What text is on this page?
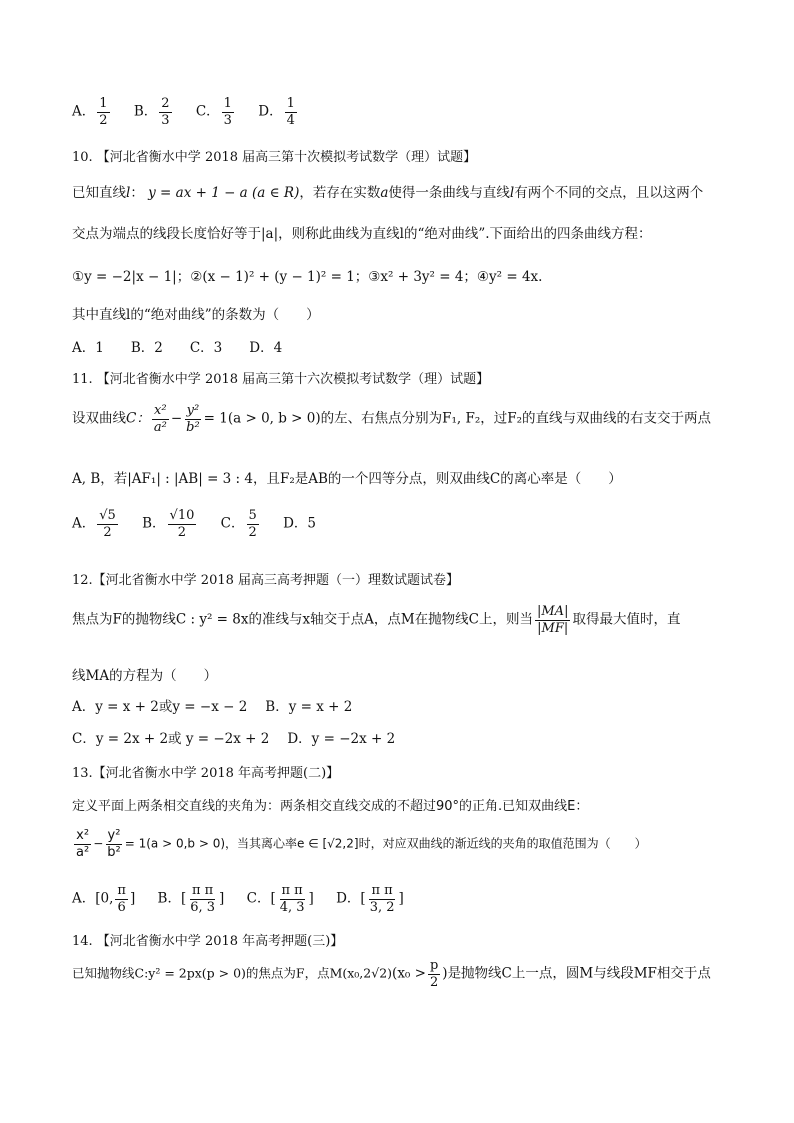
A． $\frac{1}{2}$ B． $\frac{2}{3}$ C． $\frac{1}{3}$ D． $\frac{1}{4}$
10. 【河北省衡水中学 2018 届高三第十次模拟考试数学（理）试题】
已知直线l： y = ax + 1 − a (a ∈ R)，若存在实数a使得一条曲线与直线l有两个不同的交点，且以这两个
交点为端点的线段长度恰好等于|a|，则称此曲线为直线l的“绝对曲线”.下面给出的四条曲线方程：
①y = −2|x − 1|；②(x − 1)² + (y − 1)² = 1；③x² + 3y² = 4；④y² = 4x.
其中直线l的“绝对曲线”的条数为（　　）
A．1　　B．2　　C．3　　D．4
11. 【河北省衡水中学 2018 届高三第十六次模拟考试数学（理）试题】
设双曲线C： $\frac{\text{x²}}{\text{a²}} - \frac{\text{y²}}{\text{b²}} = 1(a > 0$, b > 0)的左、右焦点分别为F₁, F₂，过F₂的直线与双曲线的右支交于两点
A, B，若|AF₁| : |AB| = 3 : 4，且F₂是AB的一个四等分点，则双曲线C的离心率是（　　）
A． $\frac{√5}{2}$ B． $\frac{√10}{2}$ C． $\frac{5}{2}$ D．5
12.【河北省衡水中学 2018 届高三高考押题（一）理数试题试卷】
焦点为F的抛物线C : y² = 8x的准线与x轴交于点A，点M在抛物线C上，则当 $\frac{|MA|}{|MF|}$ 取得最大值时，直
线MA的方程为（　　）
A．y = x + 2或y = −x − 2 B．y = x + 2
C．y = 2x + 2或 y = −2x + 2 D．y = −2x + 2
13.【河北省衡水中学 2018 年高考押题(二)】
定义平面上两条相交直线的夹角为：两条相交直线交成的不超过90°的正角.已知双曲线E：
$\frac{\text{x²}}{\text{a²}} - \frac{\text{y²}}{\text{b²}} = 1(a > 0,b > 0)$，当其离心率e ∈ [√2,2]时，对应双曲线的渐近线的夹角的取值范围为（　　）
A．[0, $\frac{\pi}{6}$ ] B．[ $\frac{\text{π π}}{6, 3}$ ] C．[ $\frac{\text{π π}}{4, 3}$ ] D．[ $\frac{\text{π π}}{3, 2}$ ]
14. 【河北省衡水中学 2018 年高考押题(三)】
已知抛物线C:y² = 2px(p > 0)的焦点为F，点$M(x_0,2√2)(x_0 > \frac{p}{2}$ )是抛物线C上一点，圆M与线段MF相交于点
